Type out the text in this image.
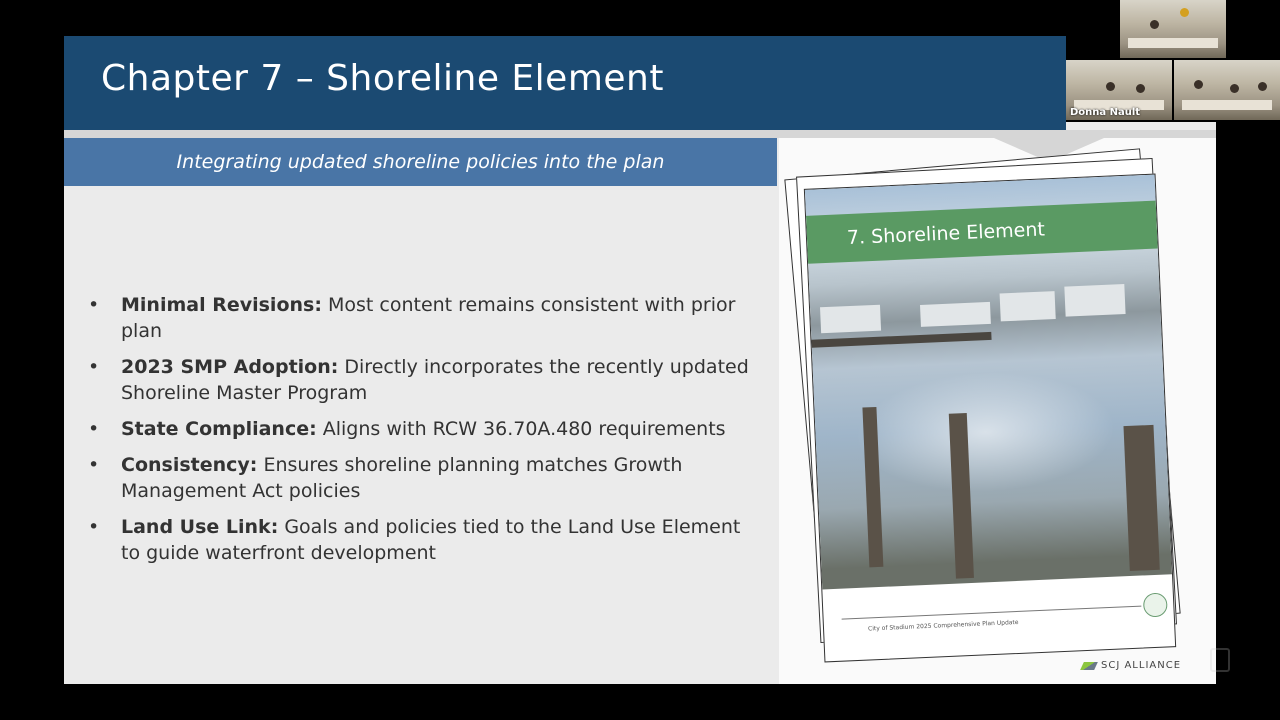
Chapter 7 – Shoreline Element
Integrating updated shoreline policies into the plan
• Minimal Revisions: Most content remains consistent with prior plan
• 2023 SMP Adoption: Directly incorporates the recently updated Shoreline Master Program
• State Compliance: Aligns with RCW 36.70A.480 requirements
• Consistency: Ensures shoreline planning matches Growth Management Act policies
• Land Use Link: Goals and policies tied to the Land Use Element to guide waterfront development
7. Shoreline Element
City of Stadium 2025 Comprehensive Plan Update
SCJ ALLIANCE
Donna Nault
